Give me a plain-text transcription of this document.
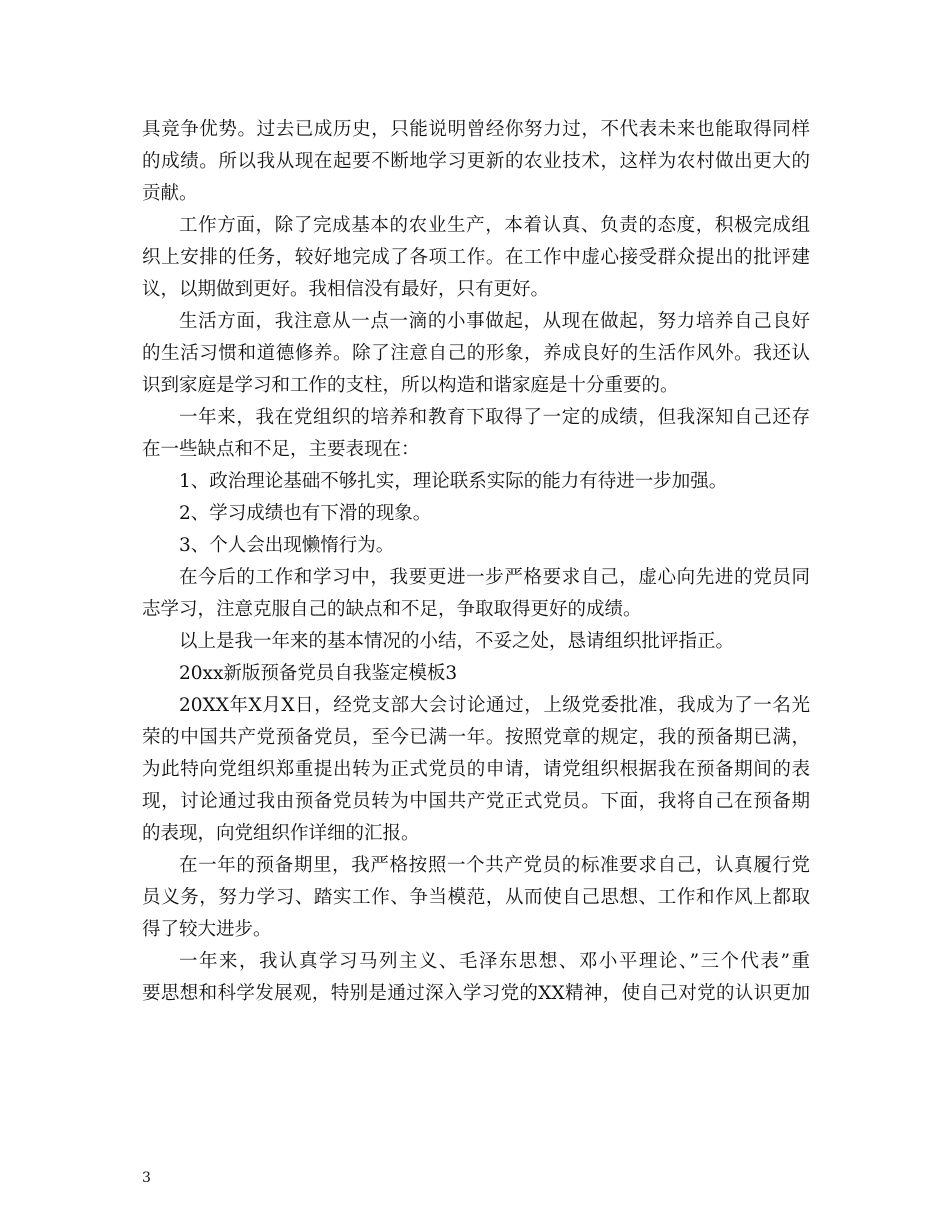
具竞争优势。过去已成历史，只能说明曾经你努力过，不代表未来也能取得同样
的成绩。所以我从现在起要不断地学习更新的农业技术，这样为农村做出更大的
贡献。
工作方面，除了完成基本的农业生产，本着认真、负责的态度，积极完成组
织上安排的任务，较好地完成了各项工作。在工作中虚心接受群众提出的批评建
议，以期做到更好。我相信没有最好，只有更好。
生活方面，我注意从一点一滴的小事做起，从现在做起，努力培养自己良好
的生活习惯和道德修养。除了注意自己的形象，养成良好的生活作风外。我还认
识到家庭是学习和工作的支柱，所以构造和谐家庭是十分重要的。
一年来，我在党组织的培养和教育下取得了一定的成绩，但我深知自己还存
在一些缺点和不足，主要表现在：
1、政治理论基础不够扎实，理论联系实际的能力有待进一步加强。
2、学习成绩也有下滑的现象。
3、个人会出现懒惰行为。
在今后的工作和学习中，我要更进一步严格要求自己，虚心向先进的党员同
志学习，注意克服自己的缺点和不足，争取取得更好的成绩。
以上是我一年来的基本情况的小结，不妥之处，恳请组织批评指正。
20xx新版预备党员自我鉴定模板3
20XX年X月X日，经党支部大会讨论通过，上级党委批准，我成为了一名光
荣的中国共产党预备党员，至今已满一年。按照党章的规定，我的预备期已满，
为此特向党组织郑重提出转为正式党员的申请，请党组织根据我在预备期间的表
现，讨论通过我由预备党员转为中国共产党正式党员。下面，我将自己在预备期
的表现，向党组织作详细的汇报。
在一年的预备期里，我严格按照一个共产党员的标准要求自己，认真履行党
员义务，努力学习、踏实工作、争当模范，从而使自己思想、工作和作风上都取
得了较大进步。
一年来，我认真学习马列主义、毛泽东思想、邓小平理论、”三个代表”重
要思想和科学发展观，特别是通过深入学习党的XX精神，使自己对党的认识更加
3
